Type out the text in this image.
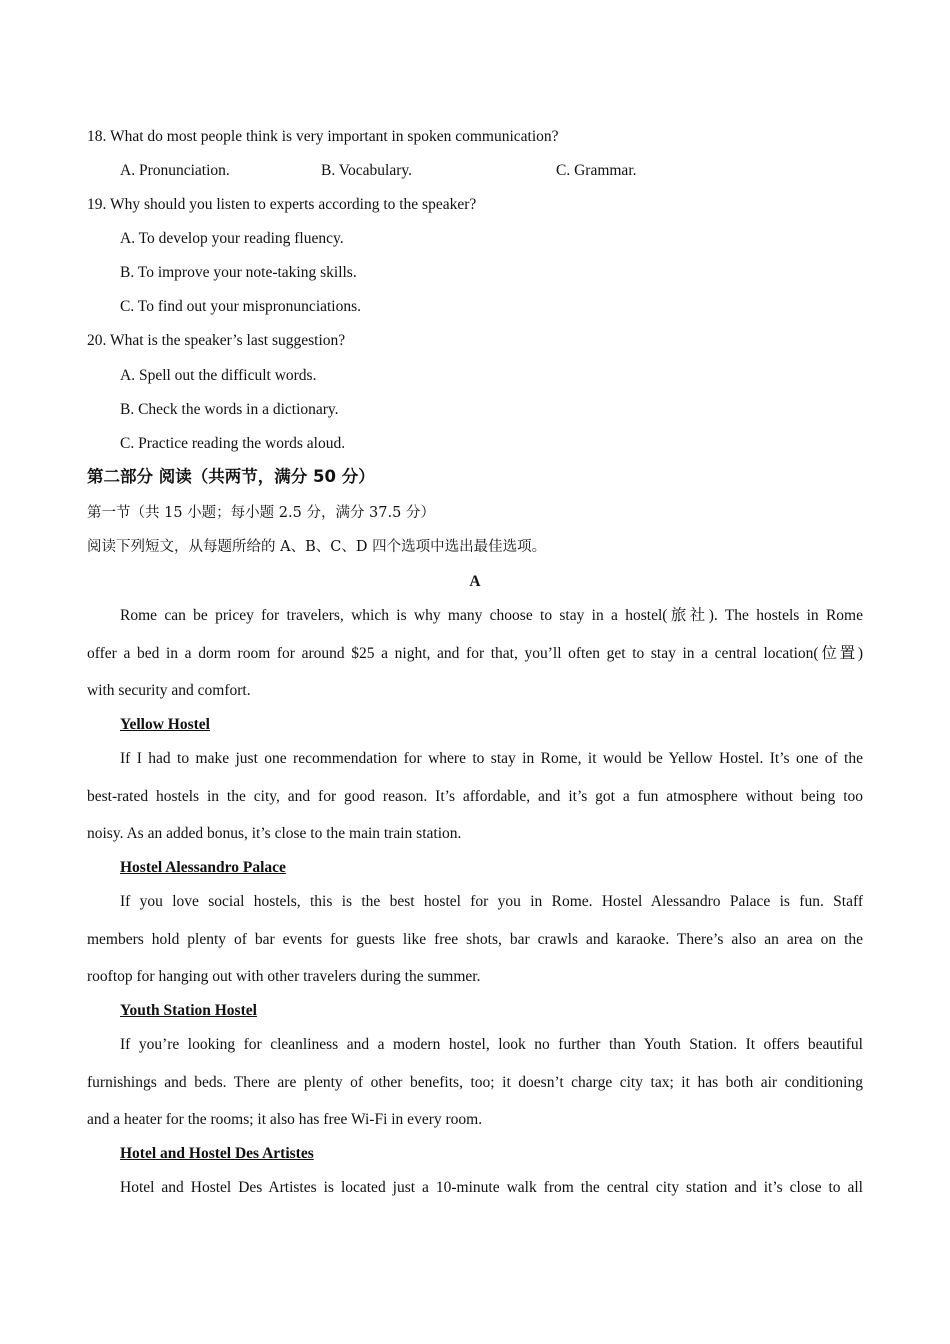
18. What do most people think is very important in spoken communication?
A. Pronunciation.	B. Vocabulary.	C. Grammar.
19. Why should you listen to experts according to the speaker?
A. To develop your reading fluency.
B. To improve your note-taking skills.
C. To find out your mispronunciations.
20. What is the speaker’s last suggestion?
A. Spell out the difficult words.
B. Check the words in a dictionary.
C. Practice reading the words aloud.
第二部分 阅读（共两节，满分 50 分）
第一节（共 15 小题；每小题 2.5 分，满分 37.5 分）
阅读下列短文，从每题所给的 A、B、C、D 四个选项中选出最佳选项。
A
Rome can be pricey for travelers, which is why many choose to stay in a hostel(旅社). The hostels in Rome
offer a bed in a dorm room for around $25 a night, and for that, you’ll often get to stay in a central location(位置)
with security and comfort.
Yellow Hostel
If I had to make just one recommendation for where to stay in Rome, it would be Yellow Hostel. It’s one of the
best-rated hostels in the city, and for good reason. It’s affordable, and it’s got a fun atmosphere without being too
noisy. As an added bonus, it’s close to the main train station.
Hostel Alessandro Palace
If you love social hostels, this is the best hostel for you in Rome. Hostel Alessandro Palace is fun. Staff
members hold plenty of bar events for guests like free shots, bar crawls and karaoke. There’s also an area on the
rooftop for hanging out with other travelers during the summer.
Youth Station Hostel
If you’re looking for cleanliness and a modern hostel, look no further than Youth Station. It offers beautiful
furnishings and beds. There are plenty of other benefits, too; it doesn’t charge city tax; it has both air conditioning
and a heater for the rooms; it also has free Wi-Fi in every room.
Hotel and Hostel Des Artistes
Hotel and Hostel Des Artistes is located just a 10-minute walk from the central city station and it’s close to all
